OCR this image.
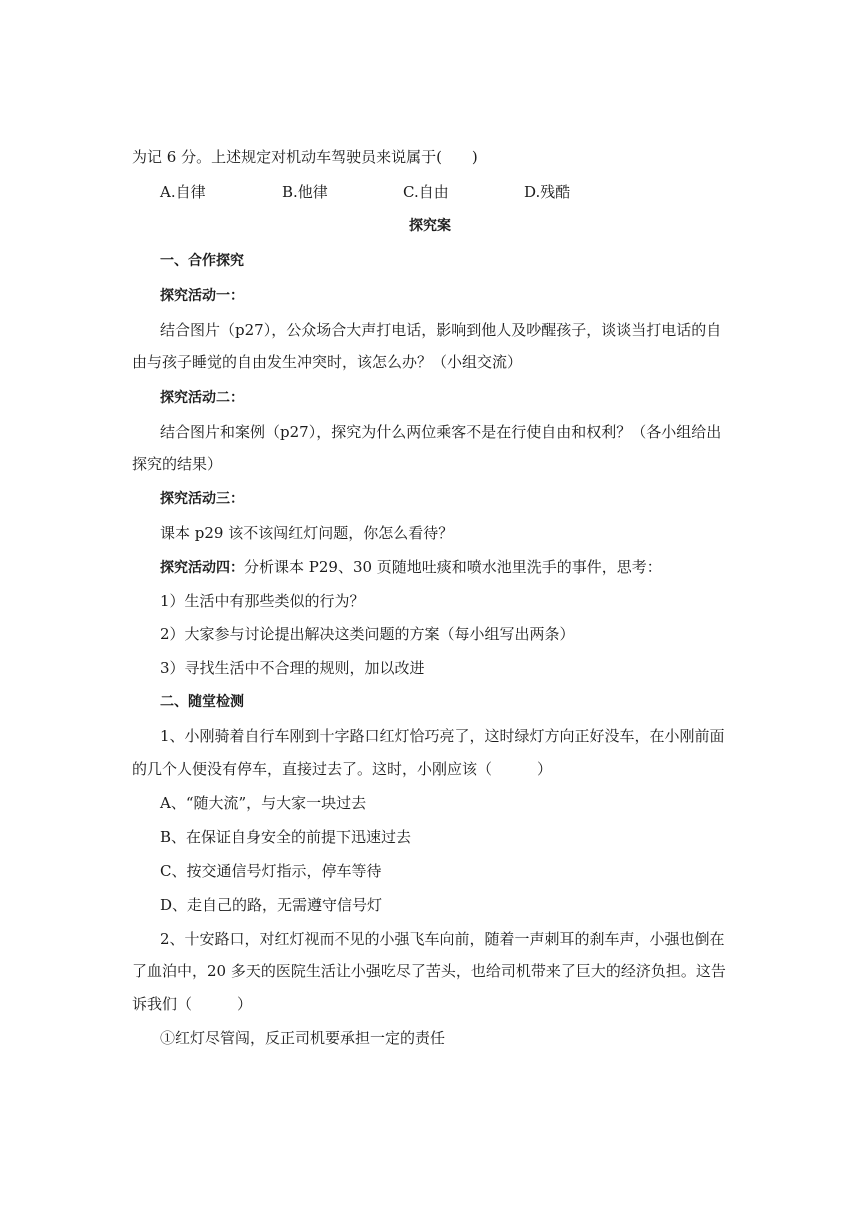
为记 6 分。上述规定对机动车驾驶员来说属于(　　)
A.自律	B.他律	C.自由	D.残酷
探究案
一、合作探究
探究活动一：
结合图片（p27），公众场合大声打电话，影响到他人及吵醒孩子，谈谈当打电话的自
由与孩子睡觉的自由发生冲突时，该怎么办？（小组交流）
探究活动二：
结合图片和案例（p27），探究为什么两位乘客不是在行使自由和权利？（各小组给出
探究的结果）
探究活动三：
课本 p29 该不该闯红灯问题，你怎么看待？
探究活动四：分析课本 P29、30 页随地吐痰和喷水池里洗手的事件，思考：
1）生活中有那些类似的行为？
2）大家参与讨论提出解决这类问题的方案（每小组写出两条）
3）寻找生活中不合理的规则，加以改进
二、随堂检测
1、小刚骑着自行车刚到十字路口红灯恰巧亮了，这时绿灯方向正好没车，在小刚前面
的几个人便没有停车，直接过去了。这时，小刚应该（　　　）
A、“随大流”，与大家一块过去
B、在保证自身安全的前提下迅速过去
C、按交通信号灯指示，停车等待
D、走自己的路，无需遵守信号灯
2、十安路口，对红灯视而不见的小强飞车向前，随着一声刺耳的刹车声，小强也倒在
了血泊中，20 多天的医院生活让小强吃尽了苦头，也给司机带来了巨大的经济负担。这告
诉我们（　　　）
①红灯尽管闯，反正司机要承担一定的责任
